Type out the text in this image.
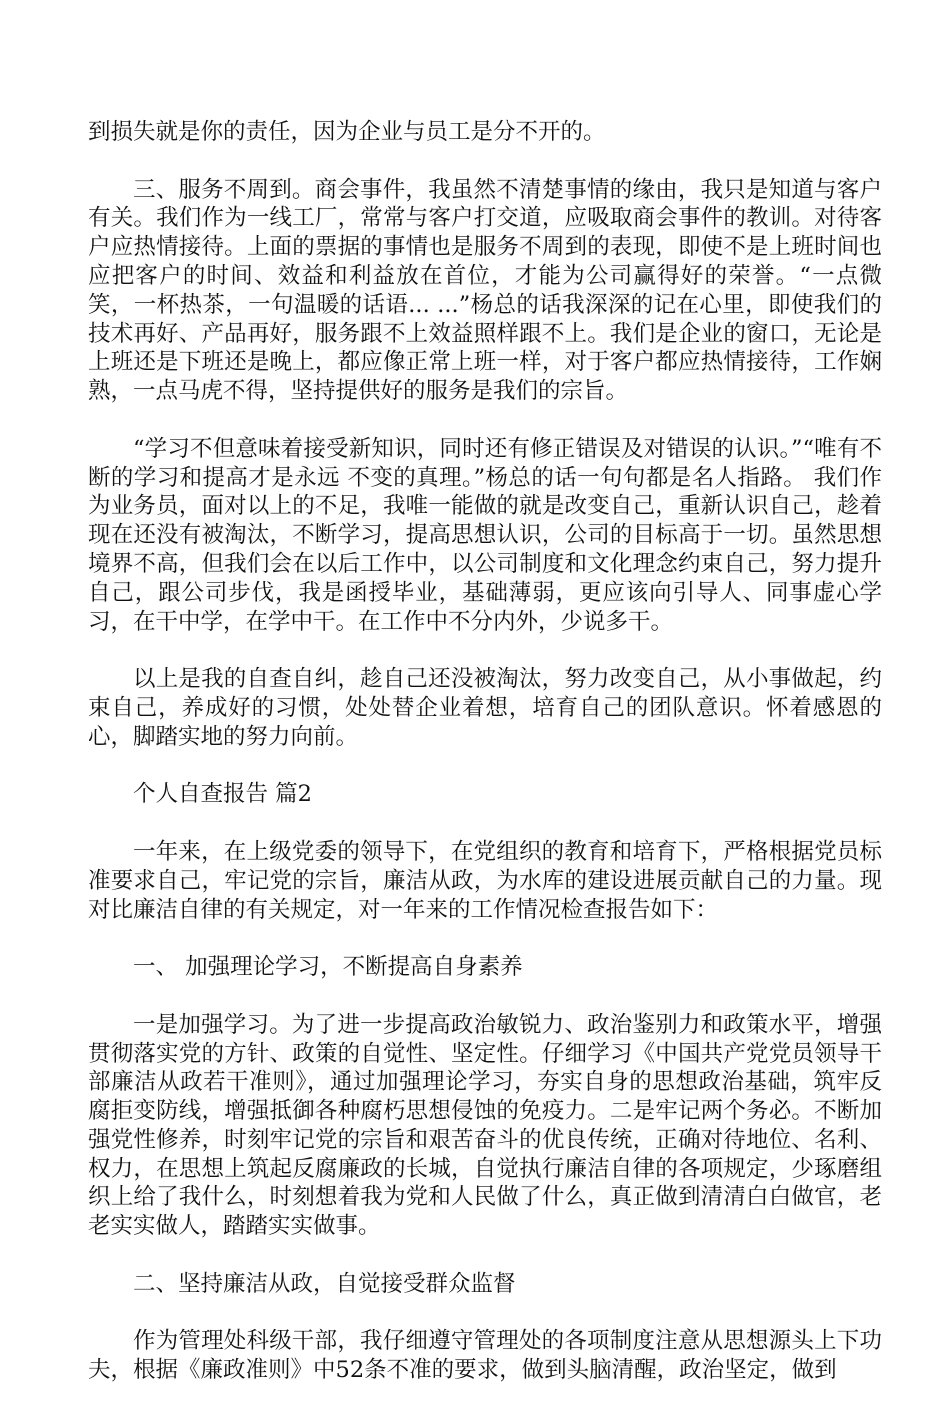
到损失就是你的责任，因为企业与员工是分不开的。

三、服务不周到。商会事件，我虽然不清楚事情的缘由，我只是知道与客户有关。我们作为一线工厂，常常与客户打交道，应吸取商会事件的教训。对待客户应热情接待。上面的票据的事情也是服务不周到的表现，即使不是上班时间也应把客户的时间、效益和利益放在首位，才能为公司赢得好的荣誉。“一点微笑，一杯热茶，一句温暖的话语... ...”杨总的话我深深的记在心里，即使我们的技术再好、产品再好，服务跟不上效益照样跟不上。我们是企业的窗口，无论是上班还是下班还是晚上，都应像正常上班一样，对于客户都应热情接待，工作娴熟，一点马虎不得，坚持提供好的服务是我们的宗旨。

“学习不但意味着接受新知识，同时还有修正错误及对错误的认识。”“唯有不断的学习和提高才是永远 不变的真理。”杨总的话一句句都是名人指路。 我们作为业务员，面对以上的不足，我唯一能做的就是改变自己，重新认识自己，趁着现在还没有被淘汰，不断学习，提高思想认识，公司的目标高于一切。虽然思想境界不高，但我们会在以后工作中，以公司制度和文化理念约束自己，努力提升自己，跟公司步伐，我是函授毕业，基础薄弱，更应该向引导人、同事虚心学习，在干中学，在学中干。在工作中不分内外，少说多干。

以上是我的自查自纠，趁自己还没被淘汰，努力改变自己，从小事做起，约束自己，养成好的习惯，处处替企业着想，培育自己的团队意识。怀着感恩的心，脚踏实地的努力向前。

个人自查报告 篇2

一年来，在上级党委的领导下，在党组织的教育和培育下，严格根据党员标准要求自己，牢记党的宗旨，廉洁从政，为水库的建设进展贡献自己的力量。现对比廉洁自律的有关规定，对一年来的工作情况检查报告如下：

一、 加强理论学习，不断提高自身素养

一是加强学习。为了进一步提高政治敏锐力、政治鉴别力和政策水平，增强贯彻落实党的方针、政策的自觉性、坚定性。仔细学习《中国共产党党员领导干部廉洁从政若干准则》，通过加强理论学习，夯实自身的思想政治基础，筑牢反腐拒变防线，增强抵御各种腐朽思想侵蚀的免疫力。二是牢记两个务必。不断加强党性修养，时刻牢记党的宗旨和艰苦奋斗的优良传统，正确对待地位、名利、权力，在思想上筑起反腐廉政的长城，自觉执行廉洁自律的各项规定，少琢磨组织上给了我什么，时刻想着我为党和人民做了什么，真正做到清清白白做官，老老实实做人，踏踏实实做事。

二、坚持廉洁从政，自觉接受群众监督

作为管理处科级干部，我仔细遵守管理处的各项制度注意从思想源头上下功夫，根据《廉政准则》中52条不准的要求，做到头脑清醒，政治坚定，做到
